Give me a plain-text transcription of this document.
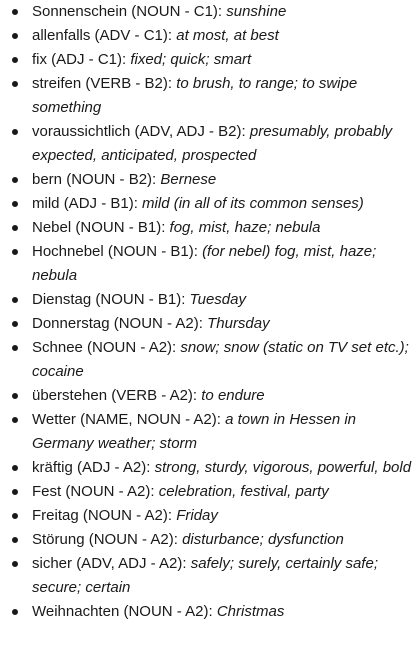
Sonnenschein (NOUN - C1): sunshine
allenfalls (ADV - C1): at most, at best
fix (ADJ - C1): fixed; quick; smart
streifen (VERB - B2): to brush, to range; to swipe something
voraussichtlich (ADV, ADJ - B2): presumably, probably expected, anticipated, prospected
bern (NOUN - B2): Bernese
mild (ADJ - B1): mild (in all of its common senses)
Nebel (NOUN - B1): fog, mist, haze; nebula
Hochnebel (NOUN - B1): (for nebel) fog, mist, haze; nebula
Dienstag (NOUN - B1): Tuesday
Donnerstag (NOUN - A2): Thursday
Schnee (NOUN - A2): snow; snow (static on TV set etc.); cocaine
überstehen (VERB - A2): to endure
Wetter (NAME, NOUN - A2): a town in Hessen in Germany weather; storm
kräftig (ADJ - A2): strong, sturdy, vigorous, powerful, bold
Fest (NOUN - A2): celebration, festival, party
Freitag (NOUN - A2): Friday
Störung (NOUN - A2): disturbance; dysfunction
sicher (ADV, ADJ - A2): safely; surely, certainly safe; secure; certain
Weihnachten (NOUN - A2): Christmas
